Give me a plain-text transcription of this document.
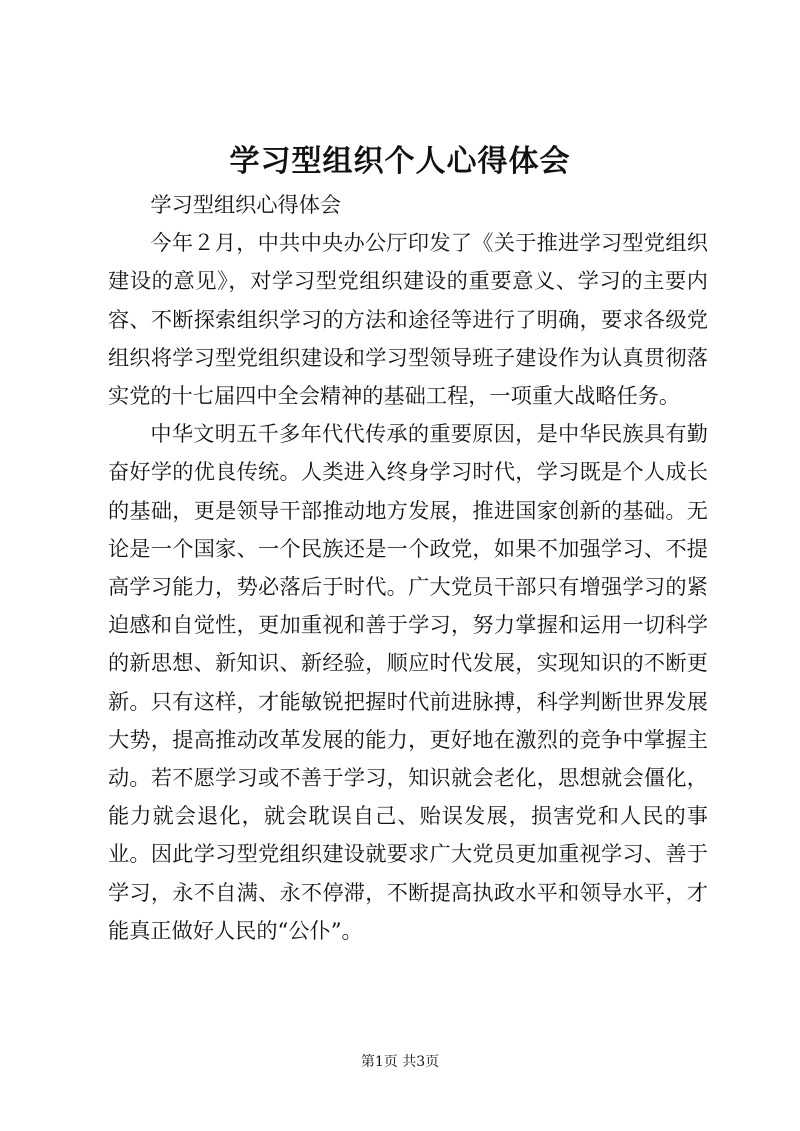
学习型组织个人心得体会

学习型组织心得体会

今年２月，中共中央办公厅印发了《关于推进学习型党组织建设的意见》，对学习型党组织建设的重要意义、学习的主要内容、不断探索组织学习的方法和途径等进行了明确，要求各级党组织将学习型党组织建设和学习型领导班子建设作为认真贯彻落实党的十七届四中全会精神的基础工程，一项重大战略任务。

中华文明五千多年代代传承的重要原因，是中华民族具有勤奋好学的优良传统。人类进入终身学习时代，学习既是个人成长的基础，更是领导干部推动地方发展，推进国家创新的基础。无论是一个国家、一个民族还是一个政党，如果不加强学习、不提高学习能力，势必落后于时代。广大党员干部只有增强学习的紧迫感和自觉性，更加重视和善于学习，努力掌握和运用一切科学的新思想、新知识、新经验，顺应时代发展，实现知识的不断更新。只有这样，才能敏锐把握时代前进脉搏，科学判断世界发展大势，提高推动改革发展的能力，更好地在激烈的竞争中掌握主动。若不愿学习或不善于学习，知识就会老化，思想就会僵化，能力就会退化，就会耽误自己、贻误发展，损害党和人民的事业。因此学习型党组织建设就要求广大党员更加重视学习、善于学习，永不自满、永不停滞，不断提高执政水平和领导水平，才能真正做好人民的“公仆”。

第1页 共3页
